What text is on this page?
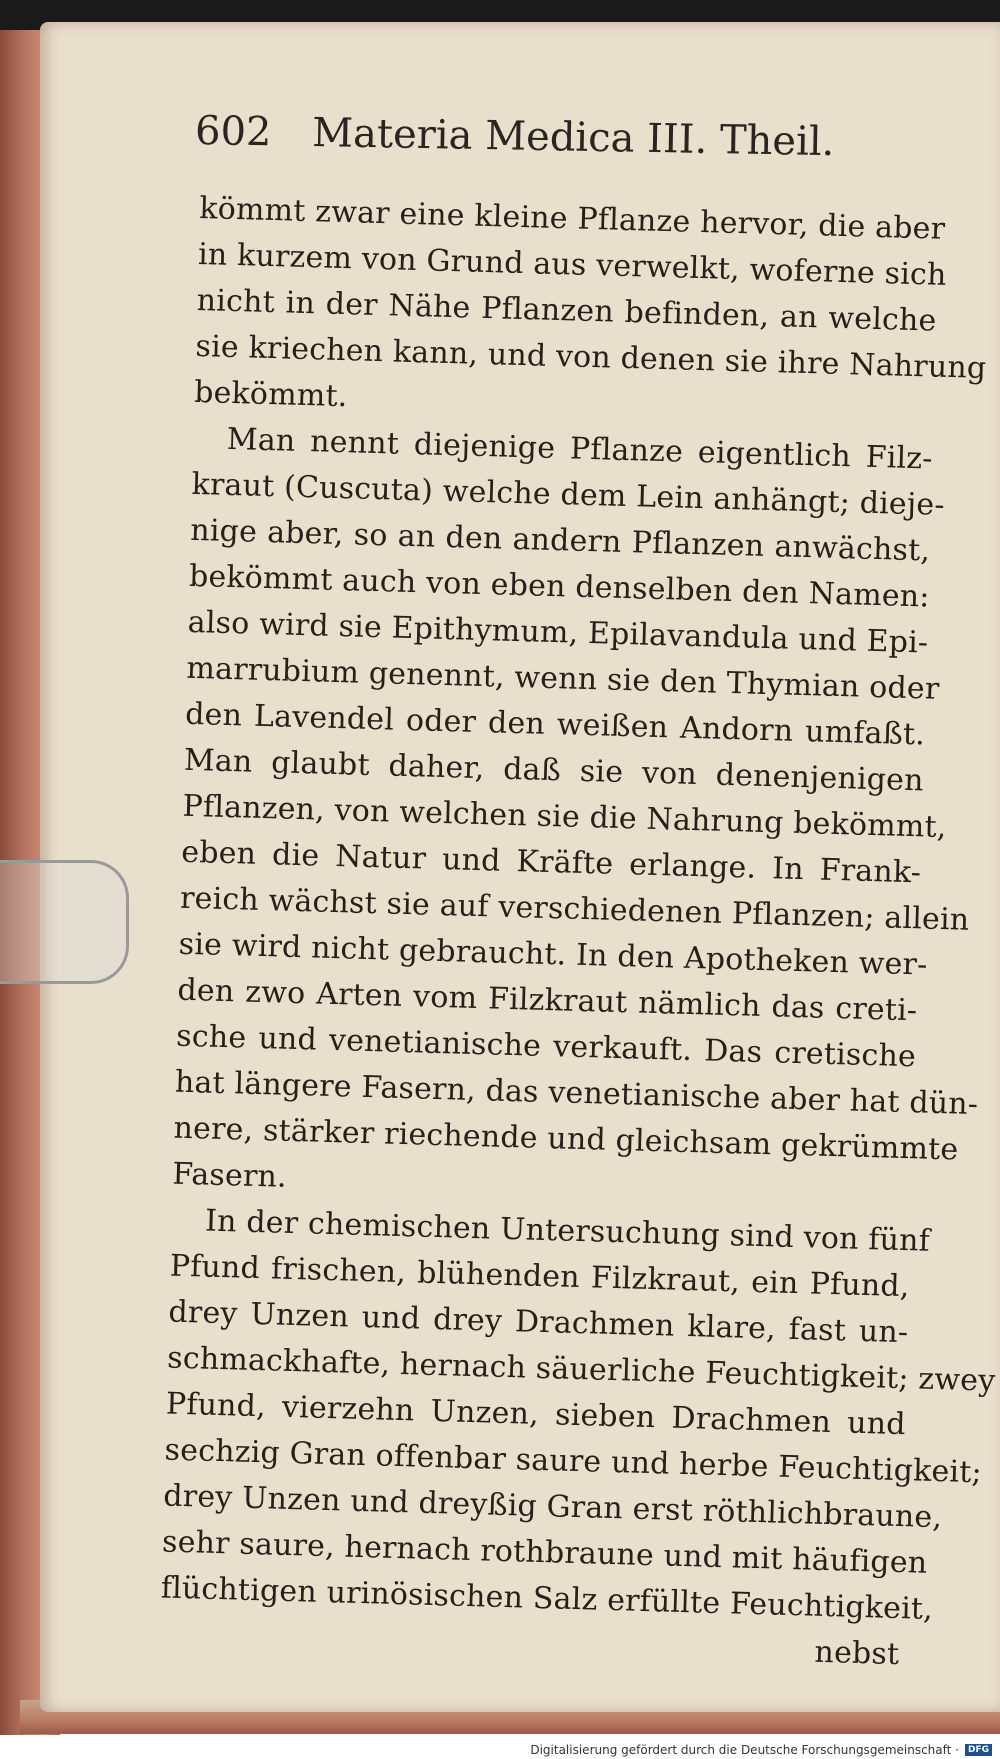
602 Materia Medica III. Theil.
kömmt zwar eine kleine Pflanze hervor, die aber
in kurzem von Grund aus verwelkt, woferne sich
nicht in der Nähe Pflanzen befinden, an welche
sie kriechen kann, und von denen sie ihre Nahrung
bekömmt.
Man nennt diejenige Pflanze eigentlich Filz-
kraut (Cuscuta) welche dem Lein anhängt; dieje-
nige aber, so an den andern Pflanzen anwächst,
bekömmt auch von eben denselben den Namen:
also wird sie Epithymum, Epilavandula und Epi-
marrubium genennt, wenn sie den Thymian oder
den Lavendel oder den weißen Andorn umfaßt.
Man glaubt daher, daß sie von denenjenigen
Pflanzen, von welchen sie die Nahrung bekömmt,
eben die Natur und Kräfte erlange. In Frank-
reich wächst sie auf verschiedenen Pflanzen; allein
sie wird nicht gebraucht. In den Apotheken wer-
den zwo Arten vom Filzkraut nämlich das creti-
sche und venetianische verkauft. Das cretische
hat längere Fasern, das venetianische aber hat dün-
nere, stärker riechende und gleichsam gekrümmte
Fasern.
In der chemischen Untersuchung sind von fünf
Pfund frischen, blühenden Filzkraut, ein Pfund,
drey Unzen und drey Drachmen klare, fast un-
schmackhafte, hernach säuerliche Feuchtigkeit; zwey
Pfund, vierzehn Unzen, sieben Drachmen und
sechzig Gran offenbar saure und herbe Feuchtigkeit;
drey Unzen und dreyßig Gran erst röthlichbraune,
sehr saure, hernach rothbraune und mit häufigen
flüchtigen urinösischen Salz erfüllte Feuchtigkeit,
nebst
Digitalisierung gefördert durch die Deutsche Forschungsgemeinschaft ·	DFG
